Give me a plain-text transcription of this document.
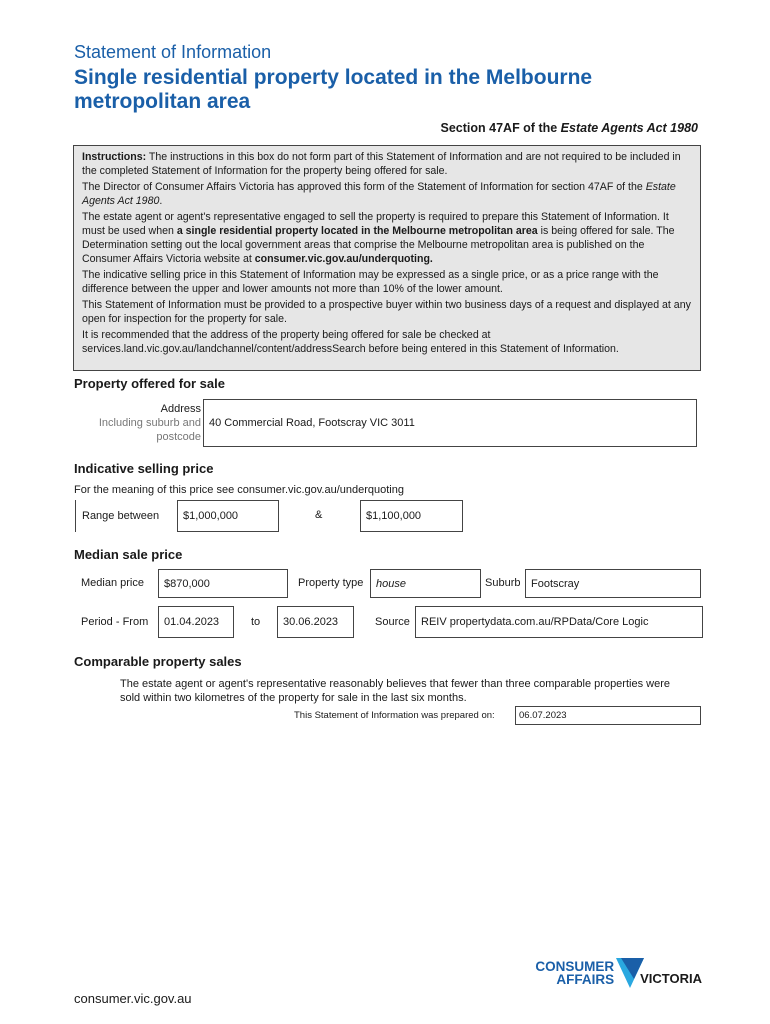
Statement of Information
Single residential property located in the Melbourne metropolitan area
Section 47AF of the Estate Agents Act 1980

Instructions: The instructions in this box do not form part of this Statement of Information and are not required to be included in the completed Statement of Information for the property being offered for sale.

The Director of Consumer Affairs Victoria has approved this form of the Statement of Information for section 47AF of the Estate Agents Act 1980.

The estate agent or agent's representative engaged to sell the property is required to prepare this Statement of Information. It must be used when a single residential property located in the Melbourne metropolitan area is being offered for sale. The Determination setting out the local government areas that comprise the Melbourne metropolitan area is published on the Consumer Affairs Victoria website at consumer.vic.gov.au/underquoting.

The indicative selling price in this Statement of Information may be expressed as a single price, or as a price range with the difference between the upper and lower amounts not more than 10% of the lower amount.

This Statement of Information must be provided to a prospective buyer within two business days of a request and displayed at any open for inspection for the property for sale.

It is recommended that the address of the property being offered for sale be checked at services.land.vic.gov.au/landchannel/content/addressSearch before being entered in this Statement of Information.

Property offered for sale
Address
Including suburb and
postcode
40 Commercial Road, Footscray VIC 3011
Indicative selling price
For the meaning of this price see consumer.vic.gov.au/underquoting
Range between	$1,000,000	&	$1,100,000
Median sale price
Median price	$870,000	Property type	house	Suburb Footscray
Period - From	01.04.2023	to	30.06.2023	Source	REIV propertydata.com.au/RPData/Core Logic
Comparable property sales
The estate agent or agent's representative reasonably believes that fewer than three comparable properties were sold within two kilometres of the property for sale in the last six months.
This Statement of Information was prepared on:	06.07.2023
CONSUMER
AFFAIRS VICTORIA
consumer.vic.gov.au
